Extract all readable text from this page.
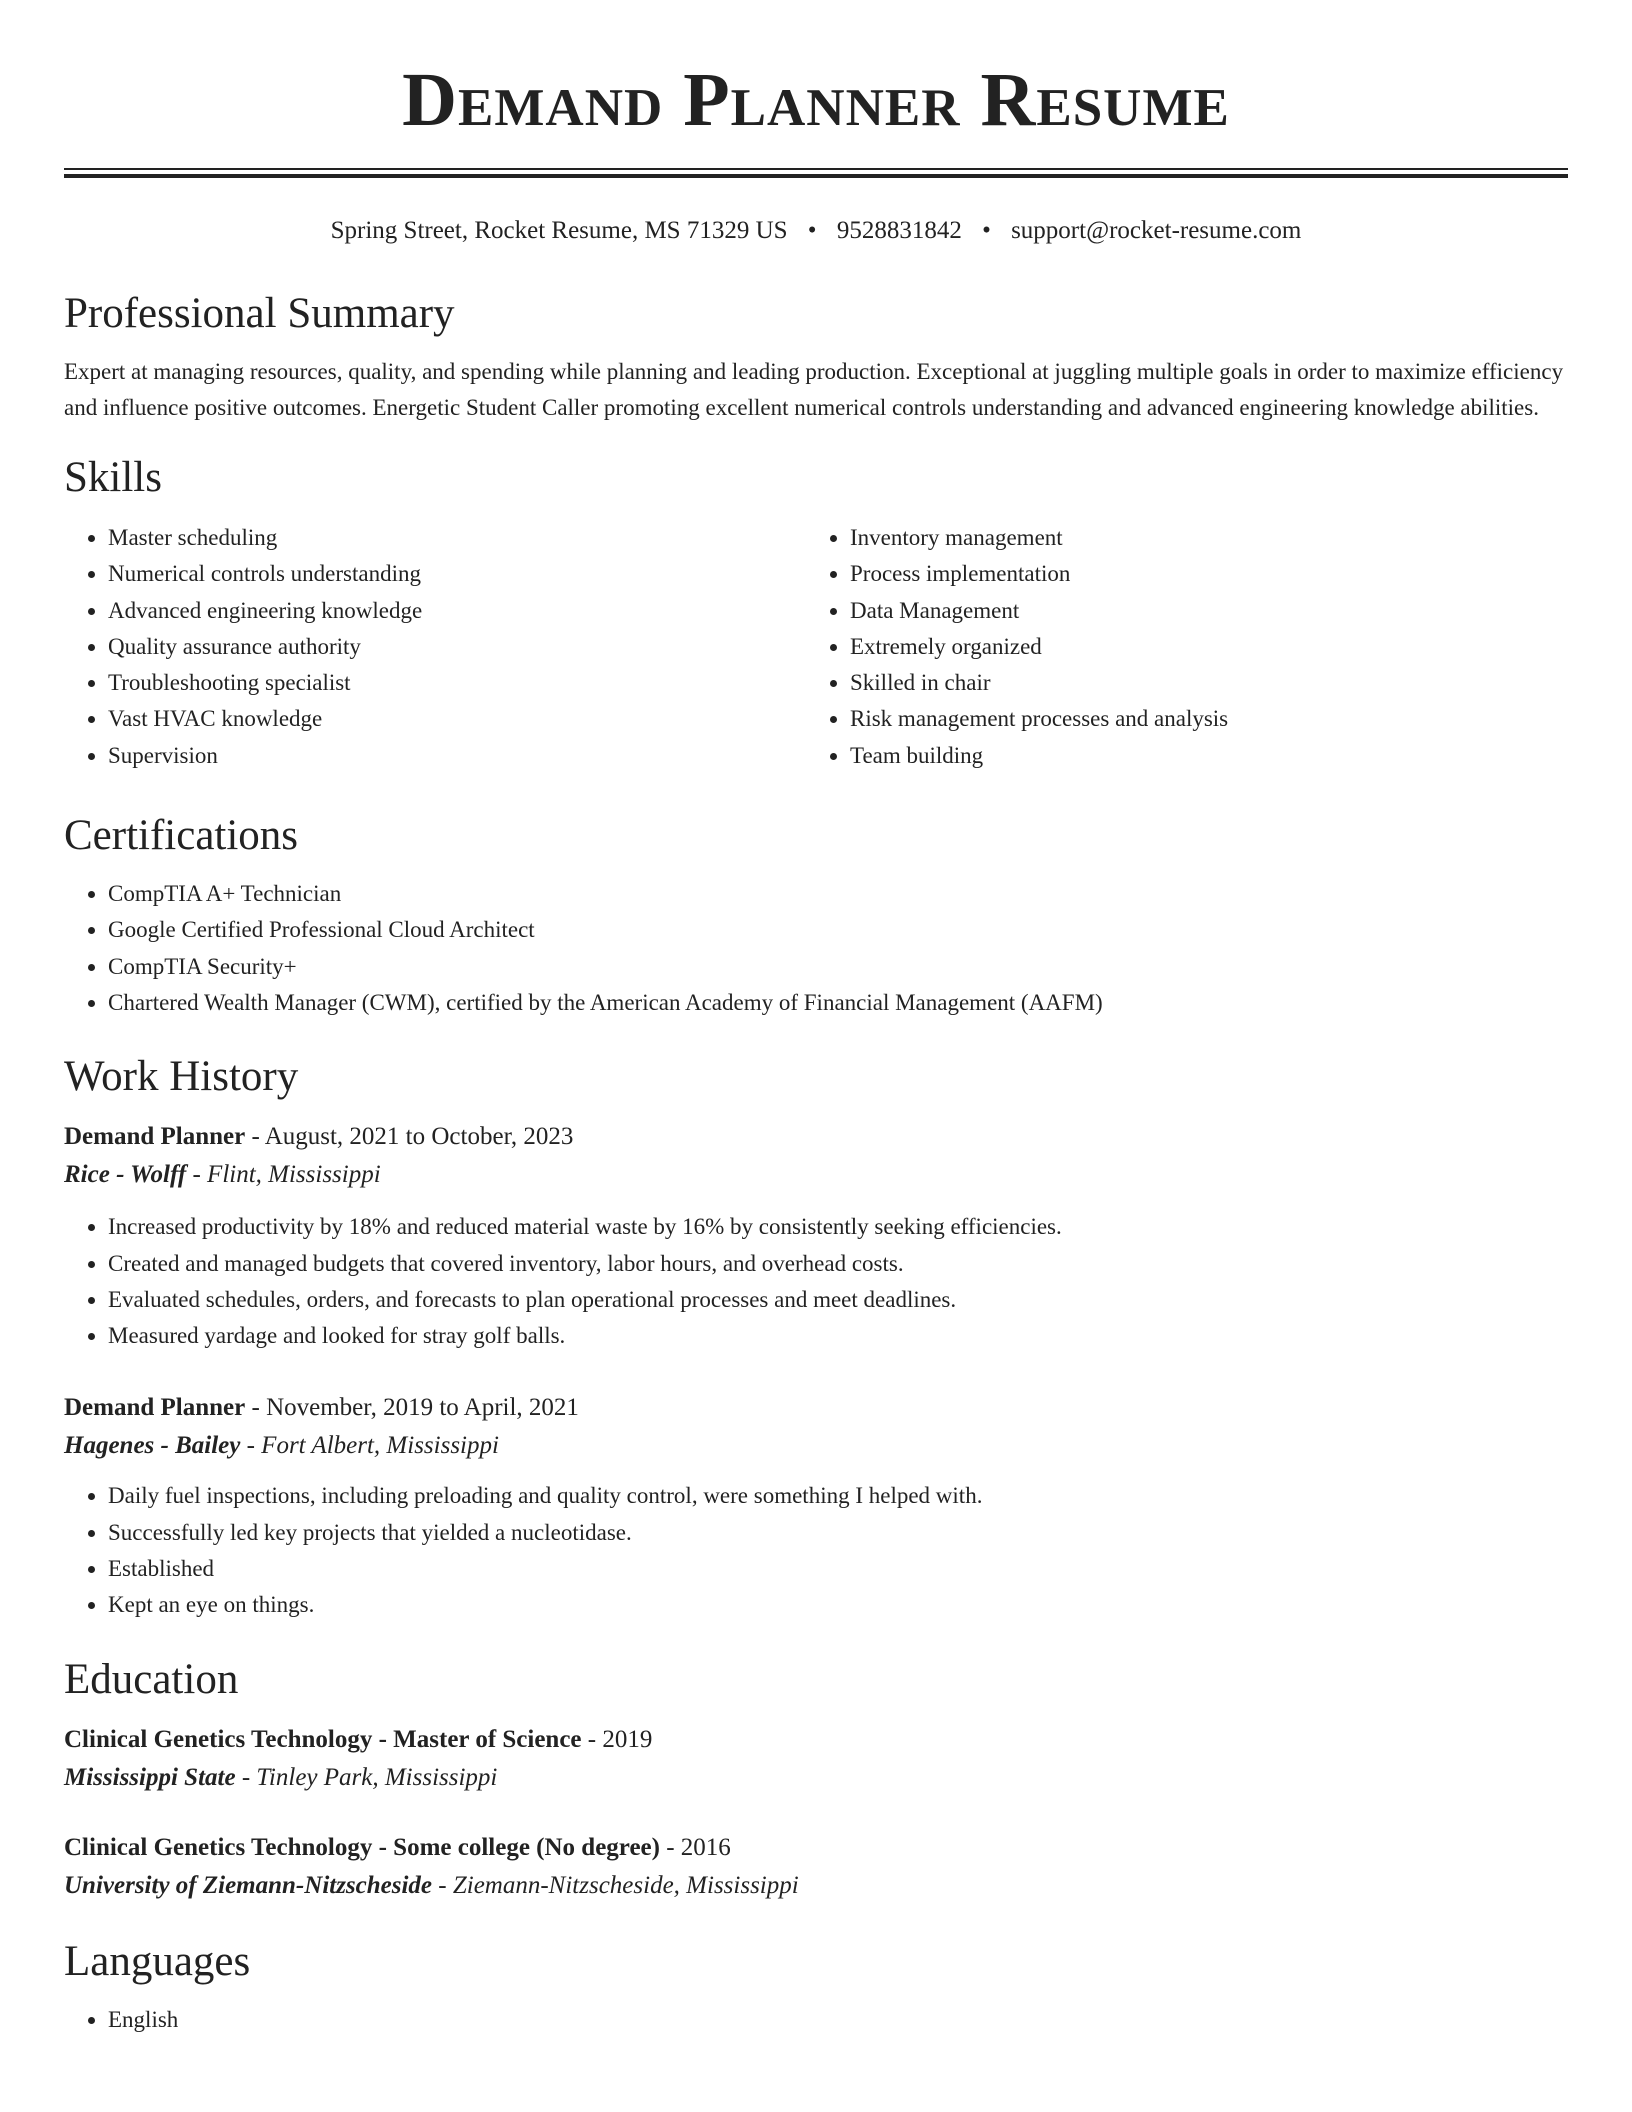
Demand Planner Resume
Spring Street, Rocket Resume, MS 71329 US • 9528831842 • support@rocket-resume.com
Professional Summary

Expert at managing resources, quality, and spending while planning and leading production. Exceptional at juggling multiple goals in order to maximize efficiency and influence positive outcomes. Energetic Student Caller promoting excellent numerical controls understanding and advanced engineering knowledge abilities.

Skills
• Master scheduling
• Numerical controls understanding
• Advanced engineering knowledge
• Quality assurance authority
• Troubleshooting specialist
• Vast HVAC knowledge
• Supervision
• Inventory management
• Process implementation
• Data Management
• Extremely organized
• Skilled in chair
• Risk management processes and analysis
• Team building
Certifications
• CompTIA A+ Technician
• Google Certified Professional Cloud Architect
• CompTIA Security+
• Chartered Wealth Manager (CWM), certified by the American Academy of Financial Management (AAFM)
Work History
Demand Planner - August, 2021 to October, 2023
Rice - Wolff - Flint, Mississippi
• Increased productivity by 18% and reduced material waste by 16% by consistently seeking efficiencies.
• Created and managed budgets that covered inventory, labor hours, and overhead costs.
• Evaluated schedules, orders, and forecasts to plan operational processes and meet deadlines.
• Measured yardage and looked for stray golf balls.
Demand Planner - November, 2019 to April, 2021
Hagenes - Bailey - Fort Albert, Mississippi
• Daily fuel inspections, including preloading and quality control, were something I helped with.
• Successfully led key projects that yielded a nucleotidase.
• Established
• Kept an eye on things.
Education
Clinical Genetics Technology - Master of Science - 2019
Mississippi State - Tinley Park, Mississippi
Clinical Genetics Technology - Some college (No degree) - 2016
University of Ziemann-Nitzscheside - Ziemann-Nitzscheside, Mississippi
Languages
• English
